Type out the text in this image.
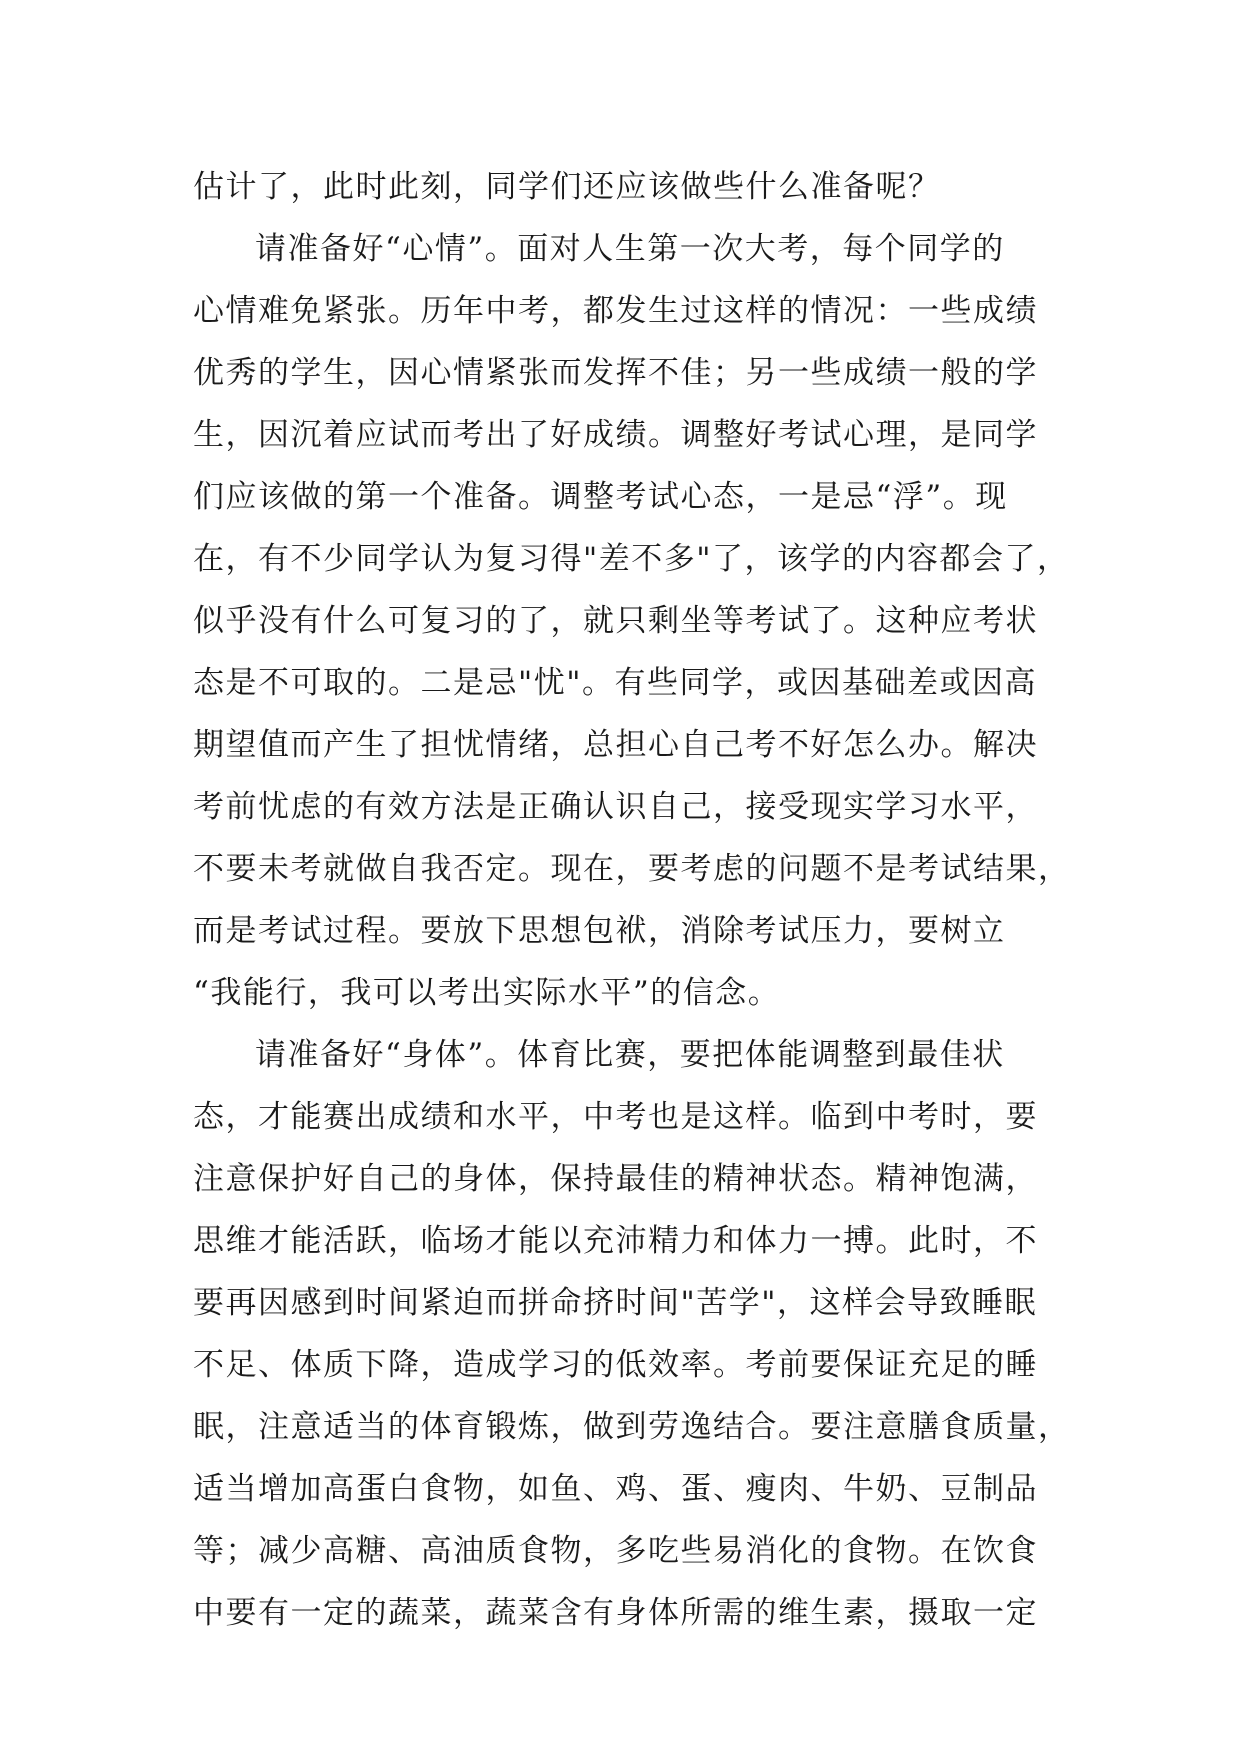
估计了，此时此刻，同学们还应该做些什么准备呢？
请准备好“心情”。面对人生第一次大考，每个同学的
心情难免紧张。历年中考，都发生过这样的情况：一些成绩
优秀的学生，因心情紧张而发挥不佳；另一些成绩一般的学
生，因沉着应试而考出了好成绩。调整好考试心理，是同学
们应该做的第一个准备。调整考试心态，一是忌“浮”。现
在，有不少同学认为复习得"差不多"了，该学的内容都会了，
似乎没有什么可复习的了，就只剩坐等考试了。这种应考状
态是不可取的。二是忌"忧"。有些同学，或因基础差或因高
期望值而产生了担忧情绪，总担心自己考不好怎么办。解决
考前忧虑的有效方法是正确认识自己，接受现实学习水平，
不要未考就做自我否定。现在，要考虑的问题不是考试结果，
而是考试过程。要放下思想包袱，消除考试压力，要树立
“我能行，我可以考出实际水平”的信念。
请准备好“身体”。体育比赛，要把体能调整到最佳状
态，才能赛出成绩和水平，中考也是这样。临到中考时，要
注意保护好自己的身体，保持最佳的精神状态。精神饱满，
思维才能活跃，临场才能以充沛精力和体力一搏。此时，不
要再因感到时间紧迫而拼命挤时间"苦学"，这样会导致睡眠
不足、体质下降，造成学习的低效率。考前要保证充足的睡
眠，注意适当的体育锻炼，做到劳逸结合。要注意膳食质量，
适当增加高蛋白食物，如鱼、鸡、蛋、瘦肉、牛奶、豆制品
等；减少高糖、高油质食物，多吃些易消化的食物。在饮食
中要有一定的蔬菜，蔬菜含有身体所需的维生素，摄取一定
